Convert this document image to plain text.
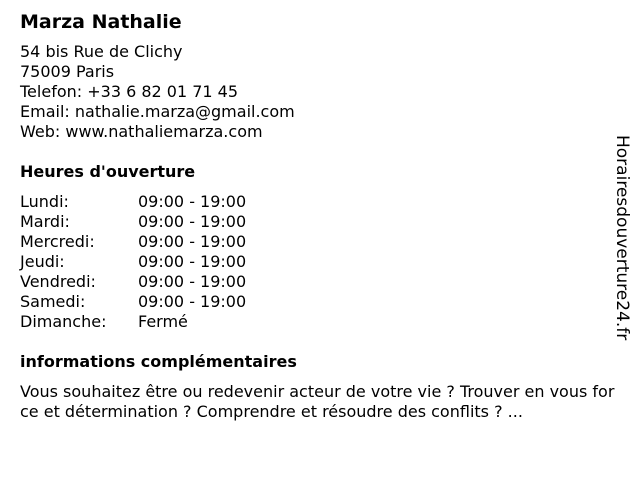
Marza Nathalie
54 bis Rue de Clichy
75009 Paris
Telefon: +33 6 82 01 71 45
Email: nathalie.marza@gmail.com
Web: www.nathaliemarza.com
Heures d'ouverture
Lundi:	09:00 - 19:00
Mardi:	09:00 - 19:00
Mercredi:	09:00 - 19:00
Jeudi:	09:00 - 19:00
Vendredi:	09:00 - 19:00
Samedi:	09:00 - 19:00
Dimanche:	Fermé
informations complémentaires
Vous souhaitez être ou redevenir acteur de votre vie ? Trouver en vous force et détermination ? Comprendre et résoudre des conflits ? ...
Horairesdouverture24.fr
